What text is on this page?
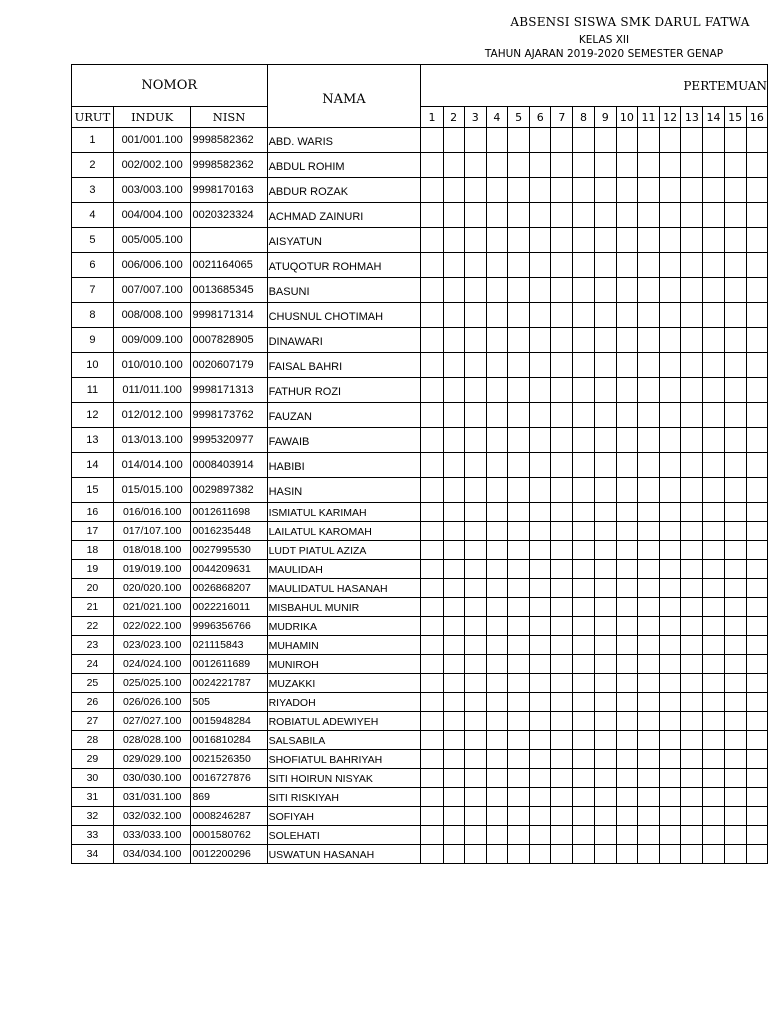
ABSENSI SISWA SMK DARUL FATWA
KELAS XII
TAHUN AJARAN 2019-2020 SEMESTER GENAP
NOMOR			NAMA	PERTEMUAN															
URUT	INDUK	NISN		1	2	3	4	5	6	7	8	9	10	11	12	13	14	15	16
1	001/001.100	9998582362	ABD. WARIS																
2	002/002.100	9998582362	ABDUL ROHIM																
3	003/003.100	9998170163	ABDUR ROZAK																
4	004/004.100	0020323324	ACHMAD ZAINURI																
5	005/005.100		AISYATUN																
6	006/006.100	0021164065	ATUQOTUR ROHMAH																
7	007/007.100	0013685345	BASUNI																
8	008/008.100	9998171314	CHUSNUL CHOTIMAH																
9	009/009.100	0007828905	DINAWARI																
10	010/010.100	0020607179	FAISAL BAHRI																
11	011/011.100	9998171313	FATHUR ROZI																
12	012/012.100	9998173762	FAUZAN																
13	013/013.100	9995320977	FAWAIB																
14	014/014.100	0008403914	HABIBI																
15	015/015.100	0029897382	HASIN																
16	016/016.100	0012611698	ISMIATUL KARIMAH																
17	017/107.100	0016235448	LAILATUL KAROMAH																
18	018/018.100	0027995530	LUDT PIATUL AZIZA																
19	019/019.100	0044209631	MAULIDAH																
20	020/020.100	0026868207	MAULIDATUL HASANAH																
21	021/021.100	0022216011	MISBAHUL MUNIR																
22	022/022.100	9996356766	MUDRIKA																
23	023/023.100	021115843	MUHAMIN																
24	024/024.100	0012611689	MUNIROH																
25	025/025.100	0024221787	MUZAKKI																
26	026/026.100	505	RIYADOH																
27	027/027.100	0015948284	ROBIATUL ADEWIYEH																
28	028/028.100	0016810284	SALSABILA																
29	029/029.100	0021526350	SHOFIATUL BAHRIYAH																
30	030/030.100	0016727876	SITI HOIRUN NISYAK																
31	031/031.100	869	SITI RISKIYAH																
32	032/032.100	0008246287	SOFIYAH																
33	033/033.100	0001580762	SOLEHATI																
34	034/034.100	0012200296	USWATUN HASANAH																
